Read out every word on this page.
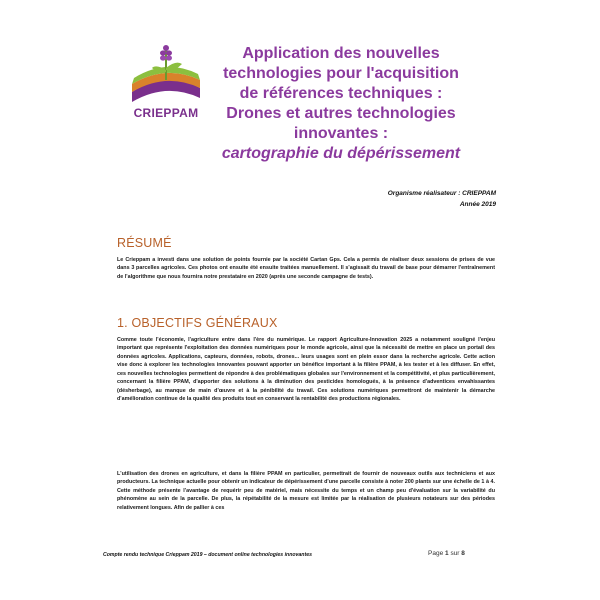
CRIEPPAM
Application des nouvelles
technologies pour l'acquisition
de références techniques :
Drones et autres technologies
innovantes :
cartographie du dépérissement
Organisme réalisateur : CRIEPPAM
Année 2019
RÉSUMÉ
Le Crieppam a investi dans une solution de points fournie par la société Cartan Gps. Cela a permis de réaliser deux sessions de prises de vue dans 3 parcelles agricoles. Ces photos ont ensuite été ensuite traitées manuellement. Il s'agissait du travail de base pour démarrer l'entraînement de l'algorithme que nous fournira notre prestataire en 2020 (après une seconde campagne de tests).
1. OBJECTIFS GÉNÉRAUX
Comme toute l'économie, l'agriculture entre dans l'ère du numérique. Le rapport Agriculture-Innovation 2025 a notamment souligné l'enjeu important que représente l'exploitation des données numériques pour le monde agricole, ainsi que la nécessité de mettre en place un portail des données agricoles. Applications, capteurs, données, robots, drones... leurs usages sont en plein essor dans la recherche agricole. Cette action vise donc à explorer les technologies innovantes pouvant apporter un bénéfice important à la filière PPAM, à les tester et à les diffuser. En effet, ces nouvelles technologies permettent de répondre à des problématiques globales sur l'environnement et la compétitivité, et plus particulièrement, concernant la filière PPAM, d'apporter des solutions à la diminution des pesticides homologués, à la présence d'adventices envahissantes (désherbage), au manque de main d'œuvre et à la pénibilité du travail. Ces solutions numériques permettront de maintenir la démarche d'amélioration continue de la qualité des produits tout en conservant la rentabilité des productions régionales.
L'utilisation des drones en agriculture, et dans la filière PPAM en particulier, permettrait de fournir de nouveaux outils aux techniciens et aux producteurs. La technique actuelle pour obtenir un indicateur de dépérissement d'une parcelle consiste à noter 200 plants sur une échelle de 1 à 4. Cette méthode présente l'avantage de requérir peu de matériel, mais nécessite du temps et un champ peu d'évaluation sur la variabilité du phénomène au sein de la parcelle. De plus, la répétabilité de la mesure est limitée par la réalisation de plusieurs notateurs sur des périodes relativement longues. Afin de pallier à ces
Compte rendu technique Crieppam 2019 – document online technologies innovantes	Page 1 sur 8
